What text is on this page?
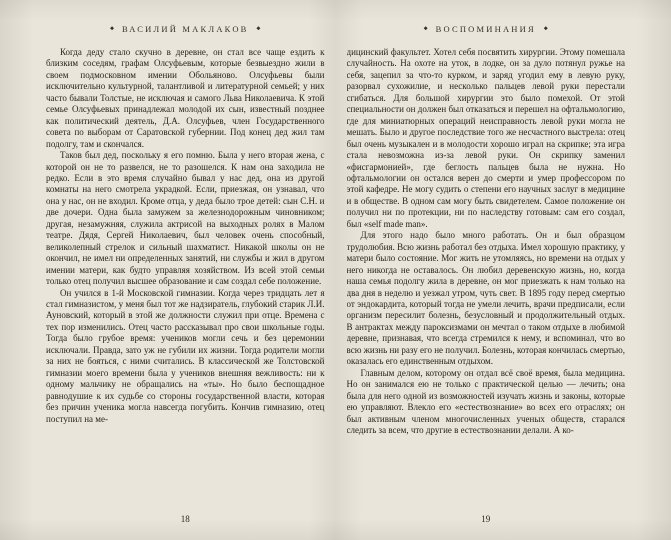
◆ ВАСИЛИЙ МАКЛАКОВ ◆

Когда деду стало скучно в деревне, он стал все чаще ездить к близким соседям, графам Олсуфьевым, которые безвыездно жили в своем подмосковном имении Обольяново. Олсуфьевы были исключительно культурной, талантливой и литературной семьей; у них часто бывали Толстые, не исключая и самого Льва Николаевича. К этой семье Олсуфьевых принадлежал молодой их сын, известный позднее как политический деятель, Д.А. Олсуфьев, член Государственного совета по выборам от Саратовской губернии. Под конец дед жил там подолгу, там и скончался.

Таков был дед, поскольку я его помню. Была у него вторая жена, с которой он не то развелся, не то разошелся. К нам она заходила не редко. Если в это время случайно бывал у нас дед, она из другой комнаты на него смотрела украдкой. Если, приезжая, он узнавал, что она у нас, он не входил. Кроме отца, у деда было трое детей: сын С.Н. и две дочери. Одна была замужем за железнодорожным чиновником; другая, незамужняя, служила актрисой на выходных ролях в Малом театре. Дядя, Сергей Николаевич, был человек очень способный, великолепный стрелок и сильный шахматист. Никакой школы он не окончил, не имел ни определенных занятий, ни службы и жил в другом имении матери, как будто управляя хозяйством. Из всей этой семьи только отец получил высшее образование и сам создал себе положение.

Он учился в 1-й Московской гимназии. Когда через тридцать лет я стал гимназистом, у меня был тот же надзиратель, глубокий старик Л.И. Ауновский, который в этой же должности служил при отце. Времена с тех пор изменились. Отец часто рассказывал про свои школьные годы. Тогда было грубое время: учеников могли сечь и без церемонии исключали. Правда, зато уж не губили их жизни. Тогда родители могли за них не бояться, с ними считались. В классической же Толстовской гимназии моего времени была у учеников внешняя вежливость: ни к одному мальчику не обращались на «ты». Но было беспощадное равнодушие к их судьбе со стороны государственной власти, которая без причин ученика могла навсегда погубить. Кончив гимназию, отец поступил на ме-

18
◆ ВОСПОМИНАНИЯ ◆

дицинский факультет. Хотел себя посвятить хирургии. Этому помешала случайность. На охоте на уток, в лодке, он за дуло потянул ружье на себя, зацепил за что-то курком, и заряд угодил ему в левую руку, разорвал сухожилие, и несколько пальцев левой руки перестали сгибаться. Для большой хирургии это было помехой. От этой специальности он должен был отказаться и перешел на офтальмологию, где для миниатюрных операций неисправность левой руки могла не мешать. Было и другое последствие того же несчастного выстрела: отец был очень музыкален и в молодости хорошо играл на скрипке; эта игра стала невозможна из-за левой руки. Он скрипку заменил «фисгармонией», где беглость пальцев была не нужна. Но офтальмологии он остался верен до смерти и умер профессором по этой кафедре. Не могу судить о степени его научных заслуг в медицине и в обществе. В одном сам могу быть свидетелем. Самое положение он получил ни по протекции, ни по наследству готовым: сам его создал, был «self made man».

Для этого надо было много работать. Он и был образцом трудолюбия. Всю жизнь работал без отдыха. Имел хорошую практику, у матери было состояние. Мог жить не утомляясь, но времени на отдых у него никогда не оставалось. Он любил деревенскую жизнь, но, когда наша семья подолгу жила в деревне, он мог приезжать к нам только на два дня в неделю и уезжал утром, чуть свет. В 1895 году перед смертью от эндокардита, который тогда не умели лечить, врачи предписали, если организм пересилит болезнь, безусловный и продолжительный отдых. В антрактах между пароксизмами он мечтал о таком отдыхе в любимой деревне, признавая, что всегда стремился к нему, и вспоминал, что во всю жизнь ни разу его не получил. Болезнь, которая кончилась смертью, оказалась его единственным отдыхом.

Главным делом, которому он отдал всё своё время, была медицина. Но он занимался ею не только с практической целью — лечить; она была для него одной из возможностей изучать жизнь и законы, которые ею управляют. Влекло его «естествознание» во всех его отраслях; он был активным членом многочисленных ученых обществ, старался следить за всем, что другие в естествознании делали. А ко-

19
